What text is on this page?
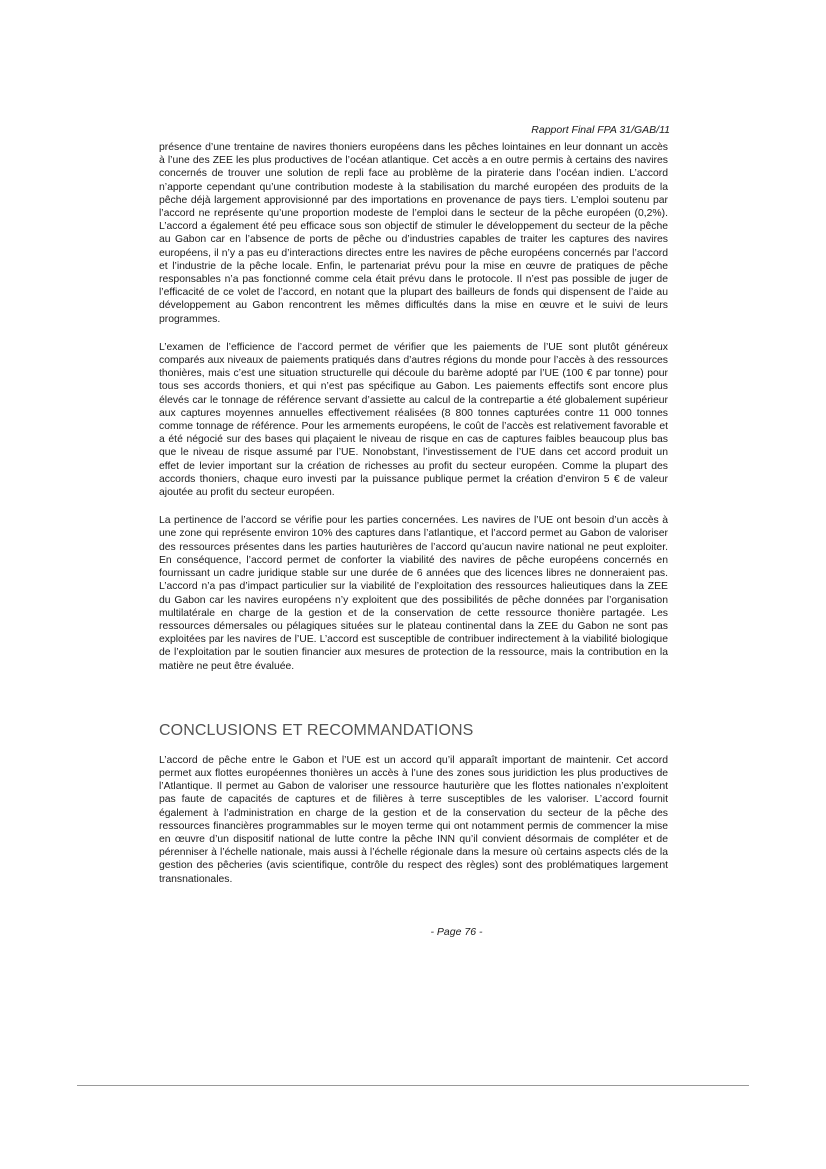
Rapport Final FPA 31/GAB/11

présence d’une trentaine de navires thoniers européens dans les pêches lointaines en leur donnant un accès à l’une des ZEE les plus productives de l’océan atlantique. Cet accès a en outre permis à certains des navires concernés de trouver une solution de repli face au problème de la piraterie dans l’océan indien. L’accord n’apporte cependant qu’une contribution modeste à la stabilisation du marché européen des produits de la pêche déjà largement approvisionné par des importations en provenance de pays tiers. L’emploi soutenu par l’accord ne représente qu’une proportion modeste de l’emploi dans le secteur de la pêche européen (0,2%). L’accord a également été peu efficace sous son objectif de stimuler le développement du secteur de la pêche au Gabon car en l’absence de ports de pêche ou d’industries capables de traiter les captures des navires européens, il n’y a pas eu d’interactions directes entre les navires de pêche européens concernés par l’accord et l’industrie de la pêche locale. Enfin, le partenariat prévu pour la mise en œuvre de pratiques de pêche responsables n’a pas fonctionné comme cela était prévu dans le protocole. Il n’est pas possible de juger de l’efficacité de ce volet de l’accord, en notant que la plupart des bailleurs de fonds qui dispensent de l’aide au développement au Gabon rencontrent les mêmes difficultés dans la mise en œuvre et le suivi de leurs programmes.

L’examen de l’efficience de l’accord permet de vérifier que les paiements de l’UE sont plutôt généreux comparés aux niveaux de paiements pratiqués dans d’autres régions du monde pour l’accès à des ressources thonières, mais c’est une situation structurelle qui découle du barème adopté par l’UE (100 € par tonne) pour tous ses accords thoniers, et qui n’est pas spécifique au Gabon. Les paiements effectifs sont encore plus élevés car le tonnage de référence servant d’assiette au calcul de la contrepartie a été globalement supérieur aux captures moyennes annuelles effectivement réalisées (8 800 tonnes capturées contre 11 000 tonnes comme tonnage de référence. Pour les armements européens, le coût de l’accès est relativement favorable et a été négocié sur des bases qui plaçaient le niveau de risque en cas de captures faibles beaucoup plus bas que le niveau de risque assumé par l’UE. Nonobstant, l’investissement de l’UE dans cet accord produit un effet de levier important sur la création de richesses au profit du secteur européen. Comme la plupart des accords thoniers, chaque euro investi par la puissance publique permet la création d’environ 5 € de valeur ajoutée au profit du secteur européen.

La pertinence de l’accord se vérifie pour les parties concernées. Les navires de l’UE ont besoin d’un accès à une zone qui représente environ 10% des captures dans l’atlantique, et l’accord permet au Gabon de valoriser des ressources présentes dans les parties hauturières de l’accord qu’aucun navire national ne peut exploiter. En conséquence, l’accord permet de conforter la viabilité des navires de pêche européens concernés en fournissant un cadre juridique stable sur une durée de 6 années que des licences libres ne donneraient pas. L’accord n’a pas d’impact particulier sur la viabilité de l’exploitation des ressources halieutiques dans la ZEE du Gabon car les navires européens n’y exploitent que des possibilités de pêche données par l’organisation multilatérale en charge de la gestion et de la conservation de cette ressource thonière partagée. Les ressources démersales ou pélagiques situées sur le plateau continental dans la ZEE du Gabon ne sont pas exploitées par les navires de l’UE. L’accord est susceptible de contribuer indirectement à la viabilité biologique de l’exploitation par le soutien financier aux mesures de protection de la ressource, mais la contribution en la matière ne peut être évaluée.

CONCLUSIONS ET RECOMMANDATIONS

L’accord de pêche entre le Gabon et l’UE est un accord qu’il apparaît important de maintenir. Cet accord permet aux flottes européennes thonières un accès à l’une des zones sous juridiction les plus productives de l’Atlantique. Il permet au Gabon de valoriser une ressource hauturière que les flottes nationales n’exploitent pas faute de capacités de captures et de filières à terre susceptibles de les valoriser. L’accord fournit également à l’administration en charge de la gestion et de la conservation du secteur de la pêche des ressources financières programmables sur le moyen terme qui ont notamment permis de commencer la mise en œuvre d’un dispositif national de lutte contre la pêche INN qu’il convient désormais de compléter et de pérenniser à l’échelle nationale, mais aussi à l’échelle régionale dans la mesure où certains aspects clés de la gestion des pêcheries (avis scientifique, contrôle du respect des règles) sont des problématiques largement transnationales.

- Page 76 -
